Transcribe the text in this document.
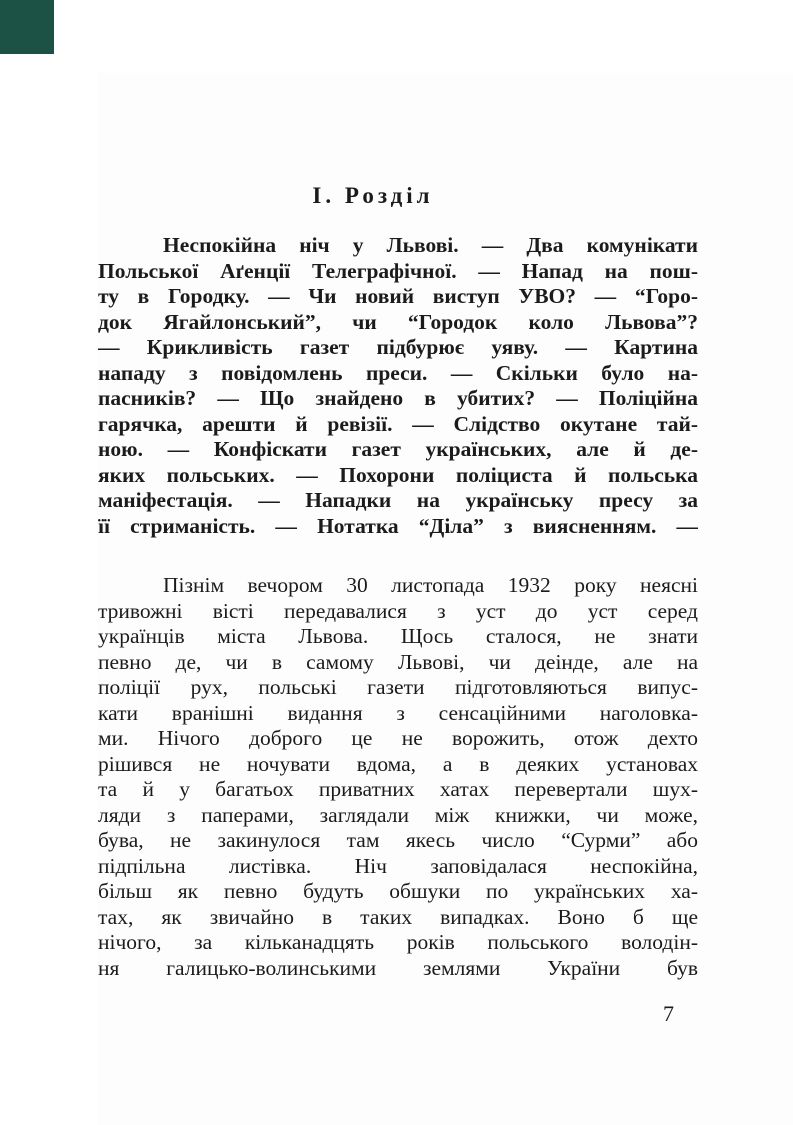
І. Розділ
Неспокійна ніч у Львові. — Два комунікати
Польської Аґенції Телеграфічної. — Напад на пош-
ту в Городку. — Чи новий виступ УВО? — “Горо-
док Ягайлонський”, чи “Городок коло Львова”?
— Крикливість газет підбурює уяву. — Картина
нападу з повідомлень преси. — Скільки було на-
пасників? — Що знайдено в убитих? — Поліційна
гарячка, арешти й ревізії. — Слідство окутане тай-
ною. — Конфіскати газет українських, але й де-
яких польських. — Похорони поліциста й польська
маніфестація. — Нападки на українську пресу за
її стриманість. — Нотатка “Діла” з виясненням. —
Пізнім вечором 30 листопада 1932 року неясні
тривожні вісті передавалися з уст до уст серед
українців міста Львова. Щось сталося, не знати
певно де, чи в самому Львові, чи деінде, але на
поліції рух, польські газети підготовляються випус-
кати вранішні видання з сенсаційними наголовка-
ми. Нічого доброго це не ворожить, отож дехто
рішився не ночувати вдома, а в деяких установах
та й у багатьох приватних хатах перевертали шух-
ляди з паперами, заглядали між книжки, чи може,
бува, не закинулося там якесь число “Сурми” або
підпільна листівка. Ніч заповідалася неспокійна,
більш як певно будуть обшуки по українських ха-
тах, як звичайно в таких випадках. Воно б ще
нічого, за кільканадцять років польського володін-
ня галицько-волинськими землями України був
7
